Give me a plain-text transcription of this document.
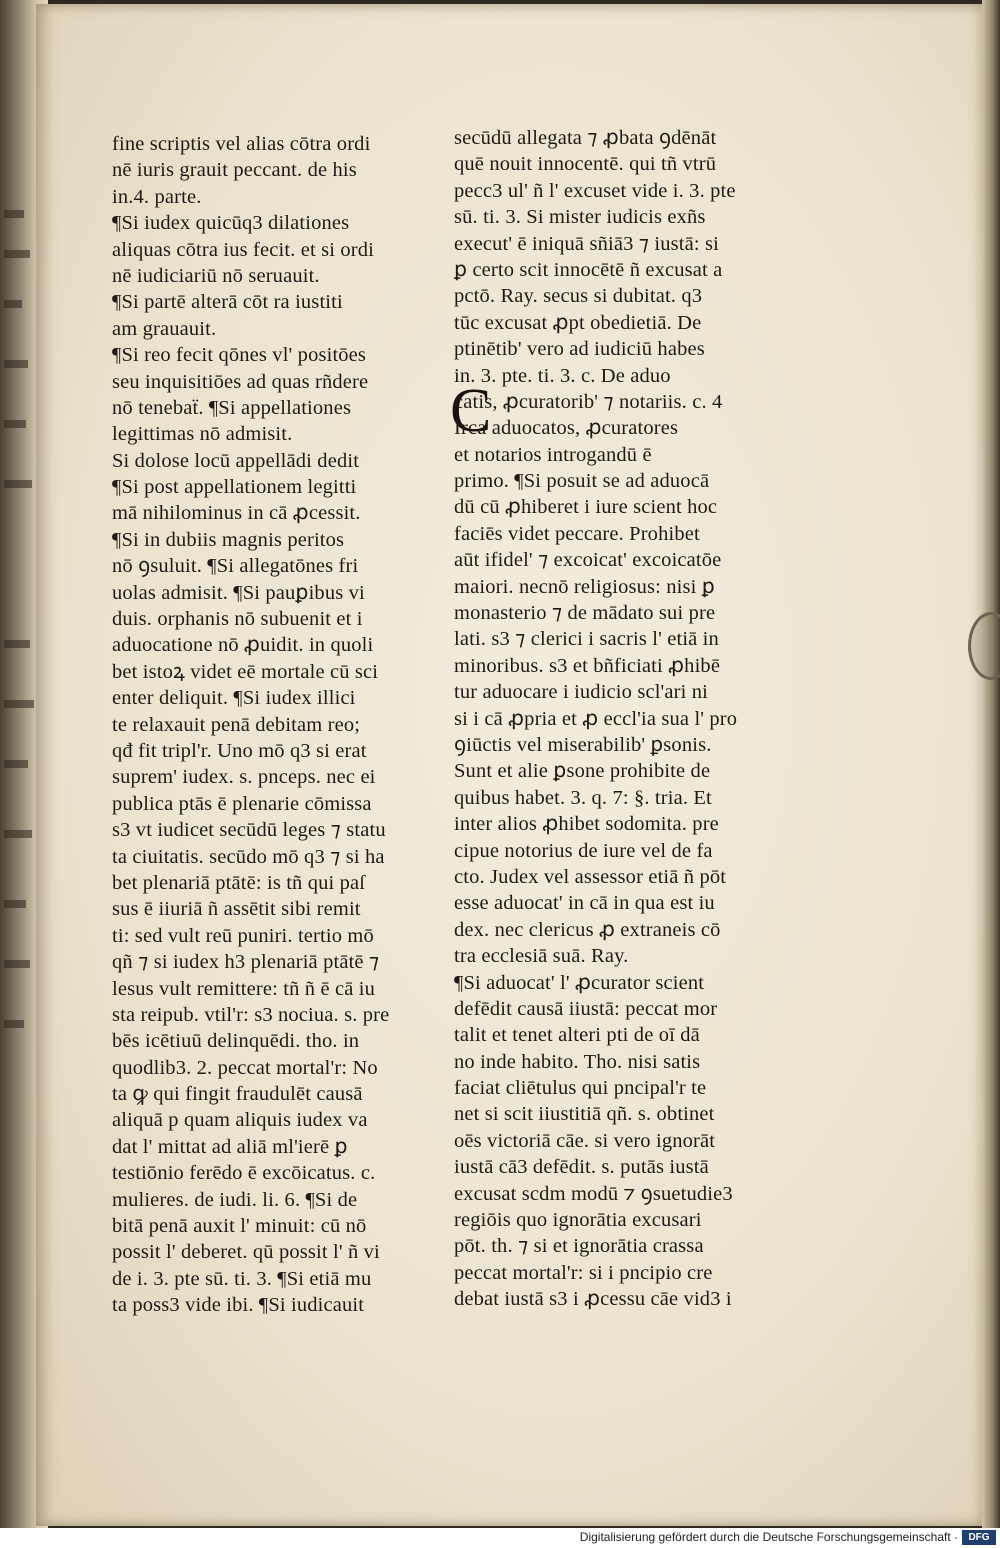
fine scriptis vel alias cōtra ordi
nē iuris grauit peccant. de his
in.4. parte.
¶Si iudex quicūq3 dilationes
aliquas cōtra ius fecit. et si ordi
nē iudiciariū nō seruauit.
¶Si partē alterā cōt ra iustiti
am grauauit.
¶Si reo fecit qōnes vl' positōes
seu inquisitiōes ad quas rñdere
nō tenebaẗ. ¶Si appellationes
legittimas nō admisit.
Si dolose locū appellādi dedit
¶Si post appellationem legitti
mā nihilominus in cā ꝓcessit.
¶Si in dubiis magnis peritos
nō ꝯsuluit. ¶Si allegatōnes fri
uolas admisit. ¶Si pauꝑibus vi
duis. orphanis nō subuenit et i
aduocatione nō ꝓuidit. in quoli
bet istoꝝ videt eē mortale cū sci
enter deliquit. ¶Si iudex illici
te relaxauit penā debitam reo;
qđ fit tripl'r. Uno mō q3 si erat
suprem' iudex. s. pnceps. nec ei
publica ptās ē plenarie cōmissa
s3 vt iudicet secūdū leges ⁊ statu
ta ciuitatis. secūdo mō q3 ⁊ si ha
bet plenariā ptātē: is tñ qui paſ
sus ē iiuriā ñ assētit sibi remit
ti: sed vult reū puniri. tertio mō
qñ ⁊ si iudex h3 plenariā ptātē ⁊
lesus vult remittere: tñ ñ ē cā iu
sta reipub. vtil'r: s3 nociua. s. pre
bēs icētiuū delinquēdi. tho. in
quodlib3. 2. peccat mortal'r: No
ta ꝙ qui fingit fraudulēt causā
aliquā p quam aliquis iudex va
dat l' mittat ad aliā ml'ierē ꝑ
testiōnio ferēdo ē excōicatus. c.
mulieres. de iudi. li. 6. ¶Si de
bitā penā auxit l' minuit: cū nō
possit l' deberet. qū possit l' ñ vi
de i. 3. pte sū. ti. 3. ¶Si etiā mu
ta poss3 vide ibi. ¶Si iudicauit
C
secūdū allegata ⁊ ꝓbata ꝯdēnāt
quē nouit innocentē. qui tñ vtrū
pecc3 ul' ñ l' excuset vide i. 3. pte
sū. ti. 3. Si mister iudicis exñs
execut' ē iniquā sñiā3 ⁊ iustā: si
ꝑ certo scit innocētē ñ excusat a
pctō. Ray. secus si dubitat. q3
tūc excusat ꝓpt obedietiā. De
ptinētib' vero ad iudiciū habes
in. 3. pte. ti. 3. c. De aduo
catis, ꝓcuratorib' ⁊ notariis. c. 4
Irca aduocatos, ꝓcuratores
et notarios introgandū ē
primo. ¶Si posuit se ad aduocā
dū cū ꝓhiberet i iure scient hoc
faciēs videt peccare. Prohibet
aūt ifidel' ⁊ excoicat' excoicatōe
maiori. necnō religiosus: nisi ꝑ
monasterio ⁊ de mādato sui pre
lati. s3 ⁊ clerici i sacris l' etiā in
minoribus. s3 et bñficiati ꝓhibē
tur aduocare i iudicio scl'ari ni
si i cā ꝓpria et ꝓ eccl'ia sua l' pro
ꝯiūctis vel miserabilib' ꝑsonis.
Sunt et alie ꝑsone prohibite de
quibus habet. 3. q. 7: §. tria. Et
inter alios ꝓhibet sodomita. pre
cipue notorius de iure vel de fa
cto. Judex vel assessor etiā ñ pōt
esse aduocat' in cā in qua est iu
dex. nec clericus ꝓ extraneis cō
tra ecclesiā suā. Ray.
¶Si aduocat' l' ꝓcurator scient
defēdit causā iiustā: peccat mor
talit et tenet alteri pti de oī dā
no inde habito. Tho. nisi satis
faciat cliētulus qui pncipal'r te
net si scit iiustitiā qñ. s. obtinet
oēs victoriā cāe. si vero ignorāt
iustā cā3 defēdit. s. putās iustā
excusat scdm modū ⁊ ꝯsuetudie3
regiōis quo ignorātia excusari
pōt. th. ⁊ si et ignorātia crassa
peccat mortal'r: si i pncipio cre
debat iustā s3 i ꝓcessu cāe vid3 i
Digitalisierung gefördert durch die Deutsche Forschungsgemeinschaft ·	DFG
